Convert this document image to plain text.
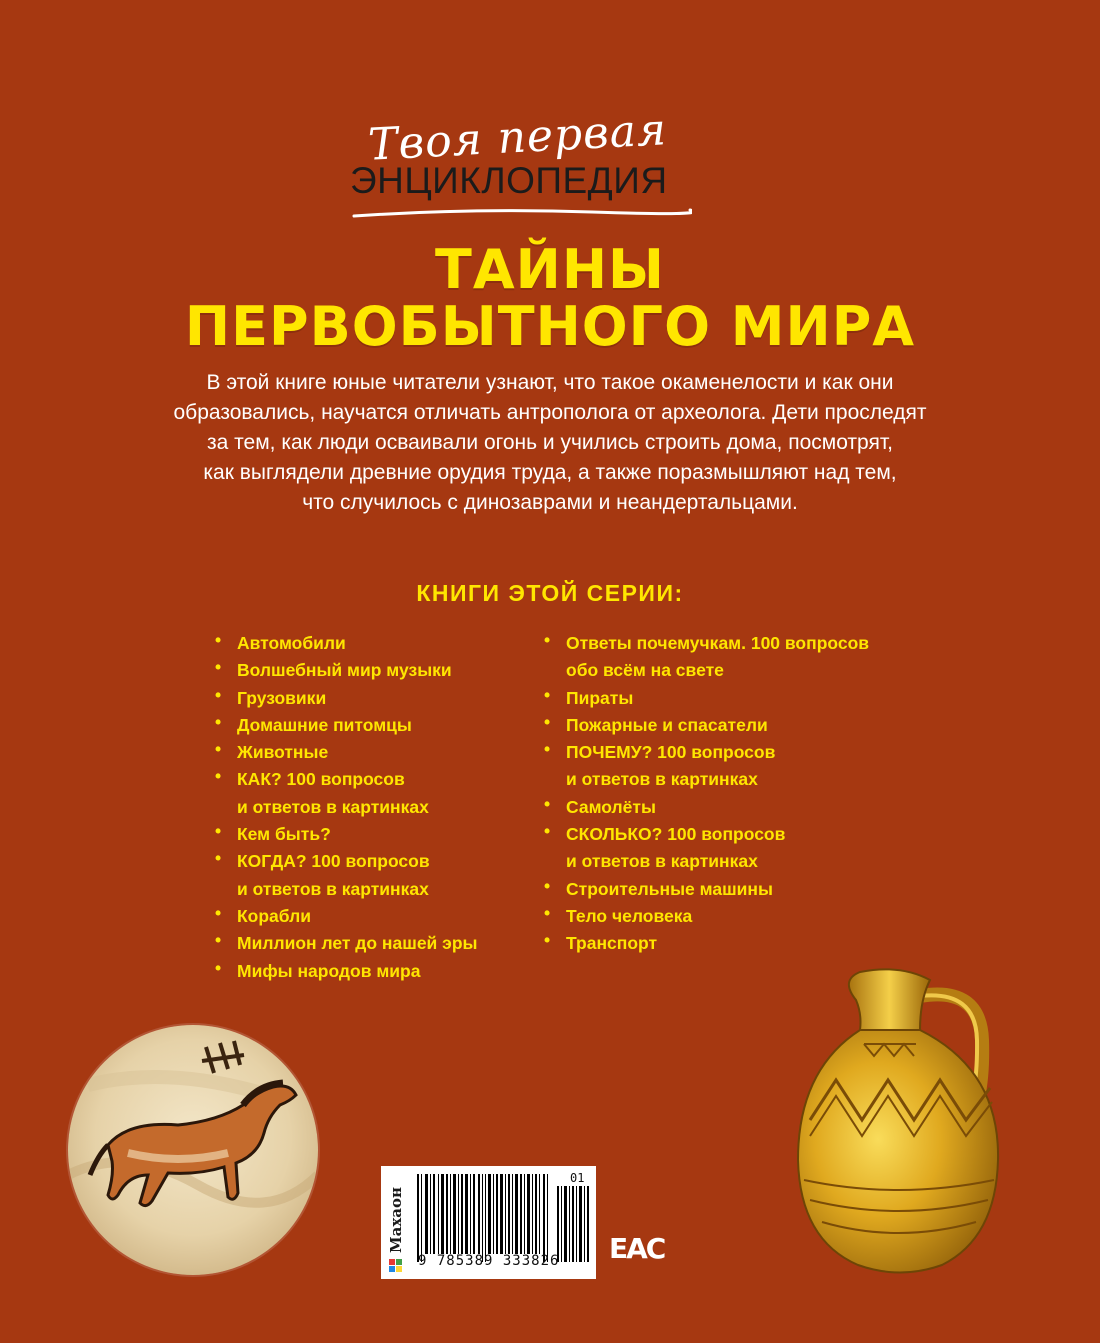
Твоя первая
ЭНЦИКЛОПЕДИЯ
ТАЙНЫ
ПЕРВОБЫТНОГО МИРА
В этой книге юные читатели узнают, что такое окаменелости и как они
образовались, научатся отличать антрополога от археолога. Дети проследят
за тем, как люди осваивали огонь и учились строить дома, посмотрят,
как выглядели древние орудия труда, а также поразмышляют над тем,
что случилось с динозаврами и неандертальцами.
КНИГИ ЭТОЙ СЕРИИ:
• Автомобили
• Волшебный мир музыки
• Грузовики
• Домашние питомцы
• Животные
• КАК? 100 вопросов
и ответов в картинках
• Кем быть?
• КОГДА? 100 вопросов
и ответов в картинках
• Корабли
• Миллион лет до нашей эры
• Мифы народов мира
• Ответы почемучкам. 100 вопросов
обо всём на свете
• Пираты
• Пожарные и спасатели
• ПОЧЕМУ? 100 вопросов
и ответов в картинках
• Самолёты
• СКОЛЬКО? 100 вопросов
и ответов в картинках
• Строительные машины
• Тело человека
• Транспорт
Махаон
9 785389 333826
01
ЕАС
